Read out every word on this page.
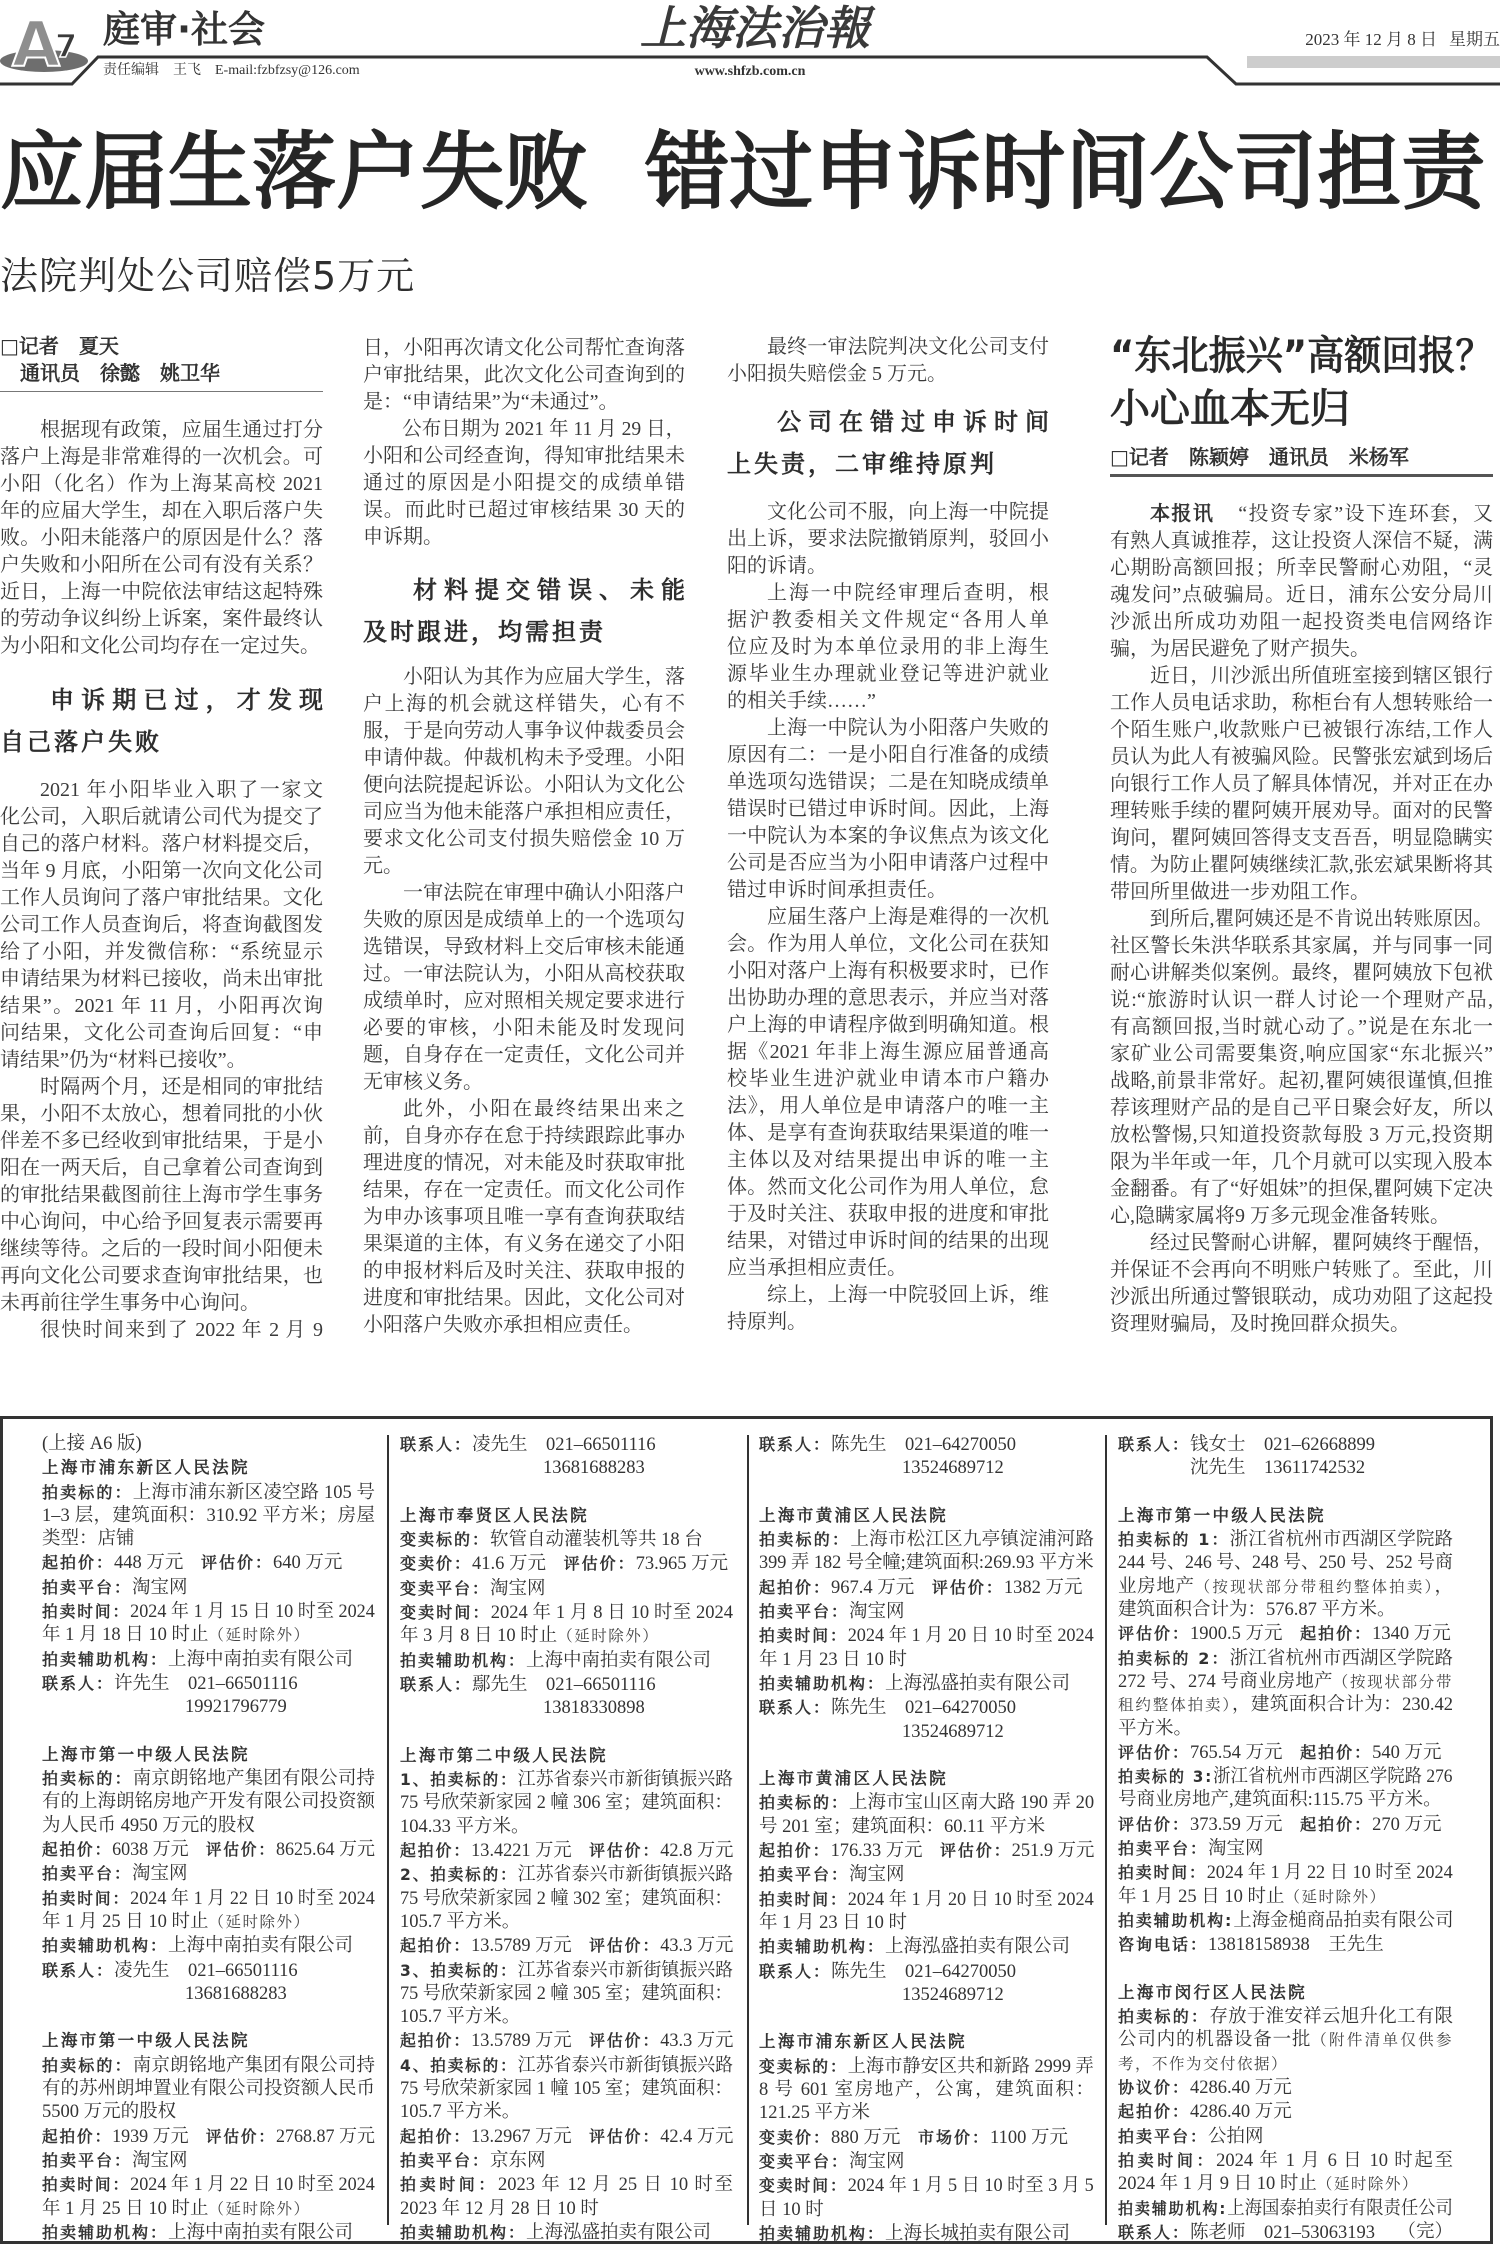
A
7 庭审·社会
责任编辑 王飞 E-mail:fzbfzsy@126.com
上海法治報
www.shfzb.com.cn
2023 年 12 月 8 日 星期五
应届生落户失败 错过申诉时间公司担责
法院判处公司赔偿5万元
□记者　夏天
通讯员　徐懿　姚卫华
根据现有政策，应届生通过打分
落户上海是非常难得的一次机会。可
小阳（化名）作为上海某高校 2021
年的应届大学生，却在入职后落户失
败。小阳未能落户的原因是什么？落
户失败和小阳所在公司有没有关系？
近日，上海一中院依法审结这起特殊
的劳动争议纠纷上诉案，案件最终认
为小阳和文化公司均存在一定过失。
申诉期已过，才发现
自己落户失败
2021 年小阳毕业入职了一家文
化公司，入职后就请公司代为提交了
自己的落户材料。落户材料提交后，
当年 9 月底，小阳第一次向文化公司
工作人员询问了落户审批结果。文化
公司工作人员查询后，将查询截图发
给了小阳，并发微信称：“系统显示
申请结果为材料已接收，尚未出审批
结果”。2021 年 11 月，小阳再次询
问结果，文化公司查询后回复：“申
请结果”仍为“材料已接收”。
时隔两个月，还是相同的审批结
果，小阳不太放心，想着同批的小伙
伴差不多已经收到审批结果，于是小
阳在一两天后，自己拿着公司查询到
的审批结果截图前往上海市学生事务
中心询问，中心给予回复表示需要再
继续等待。之后的一段时间小阳便未
再向文化公司要求查询审批结果，也
未再前往学生事务中心询问。
很快时间来到了 2022 年 2 月 9
日，小阳再次请文化公司帮忙查询落
户审批结果，此次文化公司查询到的
是：“申请结果”为“未通过”。
公布日期为 2021 年 11 月 29 日，
小阳和公司经查询，得知审批结果未
通过的原因是小阳提交的成绩单错
误。而此时已超过审核结果 30 天的
申诉期。
材料提交错误、未能
及时跟进，均需担责
小阳认为其作为应届大学生，落
户上海的机会就这样错失，心有不
服，于是向劳动人事争议仲裁委员会
申请仲裁。仲裁机构未予受理。小阳
便向法院提起诉讼。小阳认为文化公
司应当为他未能落户承担相应责任，
要求文化公司支付损失赔偿金 10 万
元。
一审法院在审理中确认小阳落户
失败的原因是成绩单上的一个选项勾
选错误，导致材料上交后审核未能通
过。一审法院认为，小阳从高校获取
成绩单时，应对照相关规定要求进行
必要的审核，小阳未能及时发现问
题，自身存在一定责任，文化公司并
无审核义务。
此外，小阳在最终结果出来之
前，自身亦存在怠于持续跟踪此事办
理进度的情况，对未能及时获取审批
结果，存在一定责任。而文化公司作
为申办该事项且唯一享有查询获取结
果渠道的主体，有义务在递交了小阳
的申报材料后及时关注、获取申报的
进度和审批结果。因此，文化公司对
小阳落户失败亦承担相应责任。
最终一审法院判决文化公司支付
小阳损失赔偿金 5 万元。
公司在错过申诉时间
上失责，二审维持原判
文化公司不服，向上海一中院提
出上诉，要求法院撤销原判，驳回小
阳的诉请。
上海一中院经审理后查明，根
据沪教委相关文件规定“各用人单
位应及时为本单位录用的非上海生
源毕业生办理就业登记等进沪就业
的相关手续……”
上海一中院认为小阳落户失败的
原因有二：一是小阳自行准备的成绩
单选项勾选错误；二是在知晓成绩单
错误时已错过申诉时间。因此，上海
一中院认为本案的争议焦点为该文化
公司是否应当为小阳申请落户过程中
错过申诉时间承担责任。
应届生落户上海是难得的一次机
会。作为用人单位，文化公司在获知
小阳对落户上海有积极要求时，已作
出协助办理的意思表示，并应当对落
户上海的申请程序做到明确知道。根
据《2021 年非上海生源应届普通高
校毕业生进沪就业申请本市户籍办
法》，用人单位是申请落户的唯一主
体、是享有查询获取结果渠道的唯一
主体以及对结果提出申诉的唯一主
体。然而文化公司作为用人单位，怠
于及时关注、获取申报的进度和审批
结果，对错过申诉时间的结果的出现
应当承担相应责任。
综上，上海一中院驳回上诉，维
持原判。
“东北振兴”高额回报？
小心血本无归
□记者　陈颖婷　通讯员　米杨军
本报讯 “投资专家”设下连环套，又
有熟人真诚推荐，这让投资人深信不疑，满
心期盼高额回报；所幸民警耐心劝阻，“灵
魂发问”点破骗局。近日，浦东公安分局川
沙派出所成功劝阻一起投资类电信网络诈
骗，为居民避免了财产损失。
近日，川沙派出所值班室接到辖区银行
工作人员电话求助，称柜台有人想转账给一
个陌生账户,收款账户已被银行冻结,工作人
员认为此人有被骗风险。民警张宏斌到场后
向银行工作人员了解具体情况，并对正在办
理转账手续的瞿阿姨开展劝导。面对的民警
询问，瞿阿姨回答得支支吾吾，明显隐瞒实
情。为防止瞿阿姨继续汇款,张宏斌果断将其
带回所里做进一步劝阻工作。
到所后,瞿阿姨还是不肯说出转账原因。
社区警长朱洪华联系其家属，并与同事一同
耐心讲解类似案例。最终，瞿阿姨放下包袱
说:“旅游时认识一群人讨论一个理财产品,
有高额回报,当时就心动了。”说是在东北一
家矿业公司需要集资,响应国家“东北振兴”
战略,前景非常好。起初,瞿阿姨很谨慎,但推
荐该理财产品的是自己平日聚会好友，所以
放松警惕,只知道投资款每股 3 万元,投资期
限为半年或一年，几个月就可以实现入股本
金翻番。有了“好姐妹”的担保,瞿阿姨下定决
心,隐瞒家属将9 万多元现金准备转账。
经过民警耐心讲解，瞿阿姨终于醒悟，
并保证不会再向不明账户转账了。至此，川
沙派出所通过警银联动，成功劝阻了这起投
资理财骗局，及时挽回群众损失。
(上接 A6 版)
上海市浦东新区人民法院
拍卖标的：上海市浦东新区凌空路 105 号
1–3 层，建筑面积：310.92 平方米；房屋
类型：店铺
起拍价：448 万元 评估价：640 万元
拍卖平台：淘宝网
拍卖时间：2024 年 1 月 15 日 10 时至 2024
年 1 月 18 日 10 时止（延时除外）
拍卖辅助机构：上海中南拍卖有限公司
联系人：许先生 021–66501116
19921796779
上海市第一中级人民法院
拍卖标的：南京朗铭地产集团有限公司持
有的上海朗铭房地产开发有限公司投资额
为人民币 4950 万元的股权
起拍价：6038 万元 评估价：8625.64 万元
拍卖平台：淘宝网
拍卖时间：2024 年 1 月 22 日 10 时至 2024
年 1 月 25 日 10 时止（延时除外）
拍卖辅助机构：上海中南拍卖有限公司
联系人：凌先生 021–66501116
13681688283
上海市第一中级人民法院
拍卖标的：南京朗铭地产集团有限公司持
有的苏州朗坤置业有限公司投资额人民币
5500 万元的股权
起拍价：1939 万元 评估价：2768.87 万元
拍卖平台：淘宝网
拍卖时间：2024 年 1 月 22 日 10 时至 2024
年 1 月 25 日 10 时止（延时除外）
拍卖辅助机构：上海中南拍卖有限公司
联系人：凌先生 021–66501116
13681688283
上海市奉贤区人民法院
变卖标的：软管自动灌装机等共 18 台
变卖价：41.6 万元 评估价：73.965 万元
变卖平台：淘宝网
变卖时间：2024 年 1 月 8 日 10 时至 2024
年 3 月 8 日 10 时止（延时除外）
拍卖辅助机构：上海中南拍卖有限公司
联系人：鄢先生 021–66501116
13818330898
上海市第二中级人民法院
1、拍卖标的：江苏省泰兴市新街镇振兴路
75 号欣荣新家园 2 幢 306 室；建筑面积：
104.33 平方米。
起拍价：13.4221 万元 评估价：42.8 万元
2、拍卖标的：江苏省泰兴市新街镇振兴路
75 号欣荣新家园 2 幢 302 室；建筑面积：
105.7 平方米。
起拍价：13.5789 万元 评估价：43.3 万元
3、拍卖标的：江苏省泰兴市新街镇振兴路
75 号欣荣新家园 2 幢 305 室；建筑面积：
105.7 平方米。
起拍价：13.5789 万元 评估价：43.3 万元
4、拍卖标的：江苏省泰兴市新街镇振兴路
75 号欣荣新家园 1 幢 105 室；建筑面积：
105.7 平方米。
起拍价：13.2967 万元 评估价：42.4 万元
拍卖平台：京东网
拍卖时间：2023 年 12 月 25 日 10 时至
2023 年 12 月 28 日 10 时
拍卖辅助机构：上海泓盛拍卖有限公司
联系人：陈先生 021–64270050
13524689712
上海市黄浦区人民法院
拍卖标的：上海市松江区九亭镇淀浦河路
399 弄 182 号全幢;建筑面积:269.93 平方米
起拍价：967.4 万元 评估价：1382 万元
拍卖平台：淘宝网
拍卖时间：2024 年 1 月 20 日 10 时至 2024
年 1 月 23 日 10 时
拍卖辅助机构：上海泓盛拍卖有限公司
联系人：陈先生 021–64270050
13524689712
上海市黄浦区人民法院
拍卖标的：上海市宝山区南大路 190 弄 20
号 201 室；建筑面积：60.11 平方米
起拍价：176.33 万元 评估价：251.9 万元
拍卖平台：淘宝网
拍卖时间：2024 年 1 月 20 日 10 时至 2024
年 1 月 23 日 10 时
拍卖辅助机构：上海泓盛拍卖有限公司
联系人：陈先生 021–64270050
13524689712
上海市浦东新区人民法院
变卖标的：上海市静安区共和新路 2999 弄
8 号 601 室房地产，公寓，建筑面积：
121.25 平方米
变卖价：880 万元 市场价：1100 万元
变卖平台：淘宝网
变卖时间：2024 年 1 月 5 日 10 时至 3 月 5
日 10 时
拍卖辅助机构：上海长城拍卖有限公司
联系人：钱女士 021–62668899
沈先生 13611742532
上海市第一中级人民法院
拍卖标的 1：浙江省杭州市西湖区学院路
244 号、246 号、248 号、250 号、252 号商
业房地产（按现状部分带租约整体拍卖），
建筑面积合计为：576.87 平方米。
评估价：1900.5 万元 起拍价：1340 万元
拍卖标的 2：浙江省杭州市西湖区学院路
272 号、274 号商业房地产（按现状部分带
租约整体拍卖），建筑面积合计为：230.42
平方米。
评估价：765.54 万元 起拍价：540 万元
拍卖标的 3:浙江省杭州市西湖区学院路 276
号商业房地产,建筑面积:115.75 平方米。
评估价：373.59 万元 起拍价：270 万元
拍卖平台：淘宝网
拍卖时间：2024 年 1 月 22 日 10 时至 2024
年 1 月 25 日 10 时止（延时除外）
拍卖辅助机构:上海金槌商品拍卖有限公司
咨询电话：13818158938 王先生
上海市闵行区人民法院
拍卖标的：存放于淮安祥云旭升化工有限
公司内的机器设备一批（附件清单仅供参
考，不作为交付依据）
协议价：4286.40 万元
起拍价：4286.40 万元
拍卖平台：公拍网
拍卖时间：2024 年 1 月 6 日 10 时起至
2024 年 1 月 9 日 10 时止（延时除外）
拍卖辅助机构:上海国泰拍卖行有限责任公司
联系人：陈老师 021–53063193 （完）
